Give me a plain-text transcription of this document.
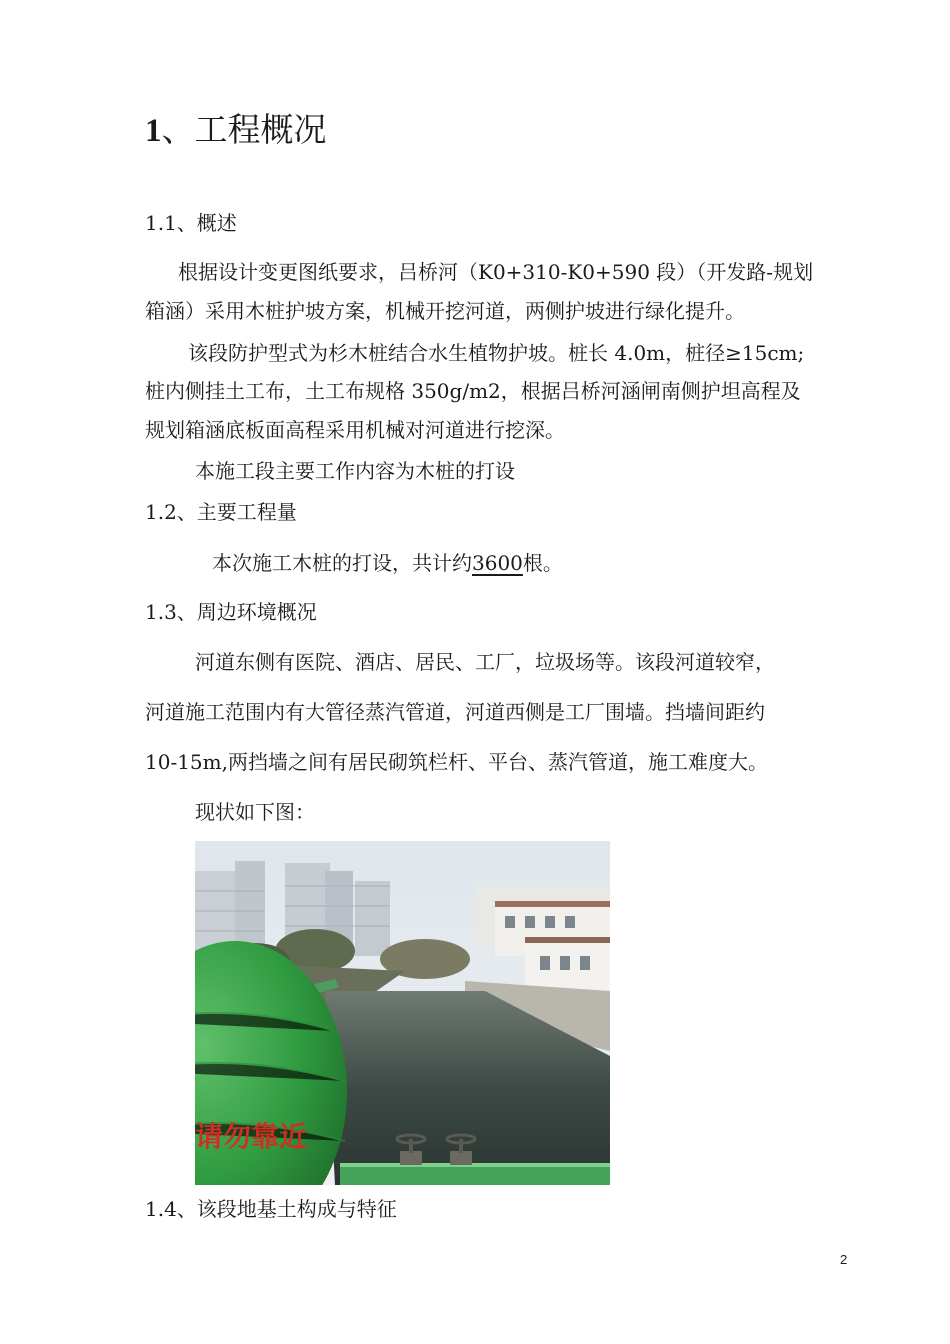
1、工程概况
1.1、概述
根据设计变更图纸要求，吕桥河（K0+310-K0+590 段）（开发路-规划
箱涵）采用木桩护坡方案，机械开挖河道，两侧护坡进行绿化提升。
该段防护型式为杉木桩结合水生植物护坡。桩长 4.0m，桩径≥15cm;
桩内侧挂土工布，土工布规格 350g/m2，根据吕桥河涵闸南侧护坦高程及
规划箱涵底板面高程采用机械对河道进行挖深。
本施工段主要工作内容为木桩的打设
1.2、主要工程量
本次施工木桩的打设，共计约3600根。
1.3、周边环境概况
河道东侧有医院、酒店、居民、工厂，垃圾场等。该段河道较窄，
河道施工范围内有大管径蒸汽管道，河道西侧是工厂围墙。挡墙间距约
10-15m,两挡墙之间有居民砌筑栏杆、平台、蒸汽管道，施工难度大。
现状如下图：
请勿靠近
1.4、该段地基土构成与特征
2
